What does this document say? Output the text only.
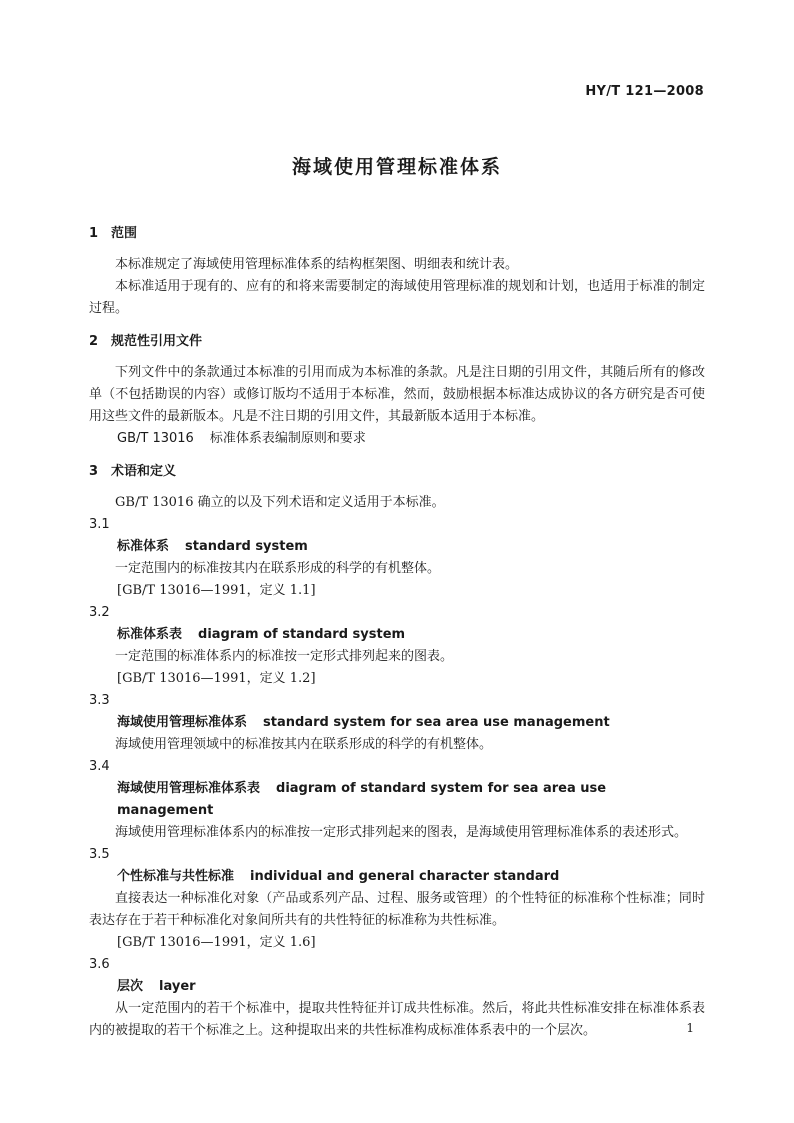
HY/T 121—2008
海域使用管理标准体系
1 范围

本标准规定了海域使用管理标准体系的结构框架图、明细表和统计表。

本标准适用于现有的、应有的和将来需要制定的海域使用管理标准的规划和计划，也适用于标准的制定过程。

2 规范性引用文件

下列文件中的条款通过本标准的引用而成为本标准的条款。凡是注日期的引用文件，其随后所有的修改单（不包括勘误的内容）或修订版均不适用于本标准，然而，鼓励根据本标准达成协议的各方研究是否可使用这些文件的最新版本。凡是不注日期的引用文件，其最新版本适用于本标准。

GB/T 13016 标准体系表编制原则和要求

3 术语和定义

GB/T 13016 确立的以及下列术语和定义适用于本标准。

3.1

标准体系 standard system

一定范围内的标准按其内在联系形成的科学的有机整体。

[GB/T 13016—1991，定义 1.1]

3.2

标准体系表 diagram of standard system

一定范围的标准体系内的标准按一定形式排列起来的图表。

[GB/T 13016—1991，定义 1.2]

3.3

海域使用管理标准体系 standard system for sea area use management

海域使用管理领域中的标准按其内在联系形成的科学的有机整体。

3.4

海域使用管理标准体系表 diagram of standard system for sea area use management

海域使用管理标准体系内的标准按一定形式排列起来的图表，是海域使用管理标准体系的表述形式。

3.5

个性标准与共性标准 individual and general character standard

直接表达一种标准化对象（产品或系列产品、过程、服务或管理）的个性特征的标准称个性标准；同时表达存在于若干种标准化对象间所共有的共性特征的标准称为共性标准。

[GB/T 13016—1991，定义 1.6]

3.6

层次 layer

从一定范围内的若干个标准中，提取共性特征并订成共性标准。然后，将此共性标准安排在标准体系表内的被提取的若干个标准之上。这种提取出来的共性标准构成标准体系表中的一个层次。	1
